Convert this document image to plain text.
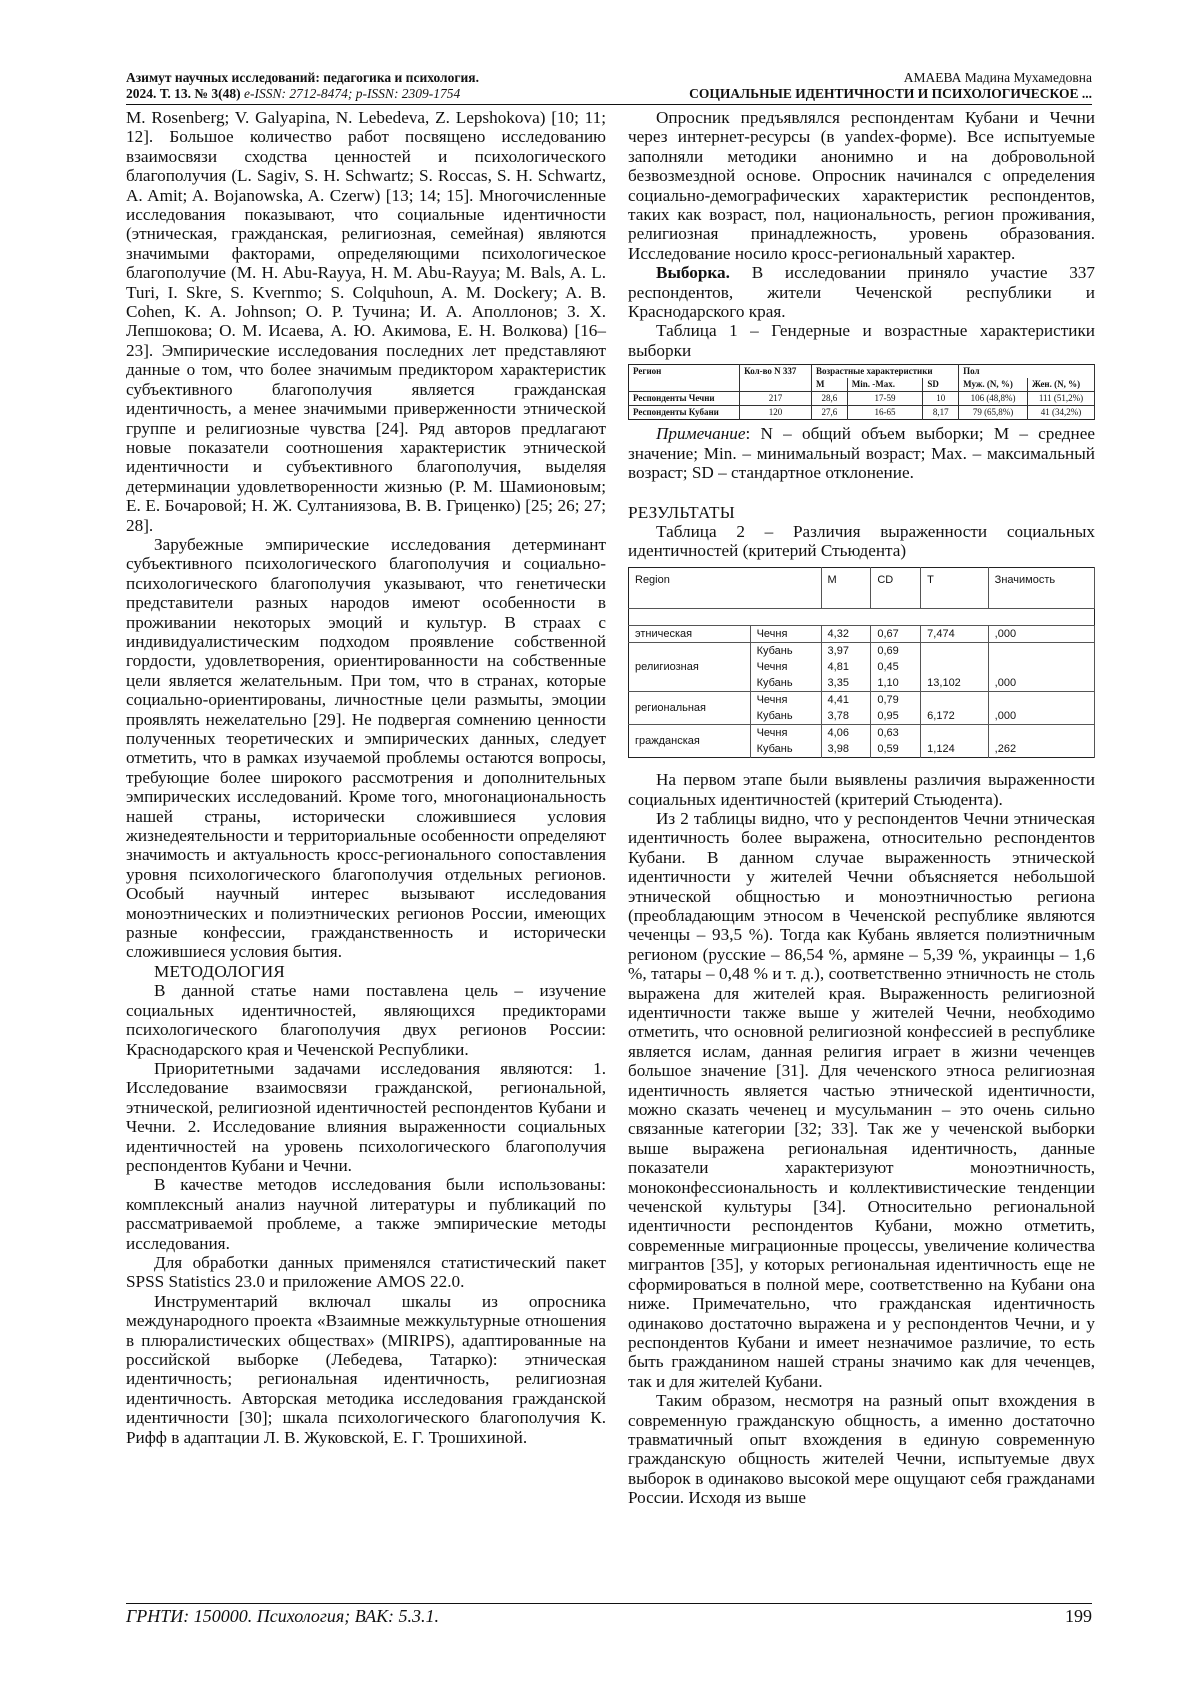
Азимут научных исследований: педагогика и психология.
2024. Т. 13. № 3(48) e-ISSN: 2712-8474; p-ISSN: 2309-1754
АМАЕВА Мадина Мухамедовна
СОЦИАЛЬНЫЕ ИДЕНТИЧНОСТИ И ПСИХОЛОГИЧЕСКОЕ ...

M. Rosenberg; V. Galyapina, N. Lebedeva, Z. Lepshokova) [10; 11; 12]. Большое количество работ посвящено исследованию взаимосвязи сходства ценностей и психологического благополучия (L. Sagiv, S. H. Schwartz; S. Roccas, S. H. Schwartz, A. Amit; A. Bojanowska, A. Czerw) [13; 14; 15]. Многочисленные исследования показывают, что социальные идентичности (этническая, гражданская, религиозная, семейная) являются значимыми факторами, определяющими психологическое благополучие (M. H. Abu-Rayya, H. M. Abu-Rayya; M. Bals, A. L. Turi, I. Skre, S. Kvernmo; S. Colquhoun, A. M. Dockery; A. B. Cohen, K. A. Johnson; О. Р. Тучина; И. А. Аполлонов; З. Х. Лепшокова; О. М. Исаева, А. Ю. Акимова, Е. Н. Волкова) [16–23]. Эмпирические исследования последних лет представляют данные о том, что более значимым предиктором характеристик субъективного благополучия является гражданская идентичность, а менее значимыми приверженности этнической группе и религиозные чувства [24]. Ряд авторов предлагают новые показатели соотношения характеристик этнической идентичности и субъективного благополучия, выделяя детерминации удовлетворенности жизнью (Р. М. Шамионовым; Е. Е. Бочаровой; Н. Ж. Султаниязова, В. В. Гриценко) [25; 26; 27; 28].

Зарубежные эмпирические исследования детерминант субъективного психологического благополучия и социально-психологического благополучия указывают, что генетически представители разных народов имеют особенности в проживании некоторых эмоций и культур. В страах с индивидуалистическим подходом проявление собственной гордости, удовлетворения, ориентированности на собственные цели является желательным. При том, что в странах, которые социально-ориентированы, личностные цели размыты, эмоции проявлять нежелательно [29]. Не подвергая сомнению ценности полученных теоретических и эмпирических данных, следует отметить, что в рамках изучаемой проблемы остаются вопросы, требующие более широкого рассмотрения и дополнительных эмпирических исследований. Кроме того, многонациональность нашей страны, исторически сложившиеся условия жизнедеятельности и территориальные особенности определяют значимость и актуальность кросс-регионального сопоставления уровня психологического благополучия отдельных регионов. Особый научный интерес вызывают исследования моноэтнических и полиэтнических регионов России, имеющих разные конфессии, гражданственность и исторически сложившиеся условия бытия.

МЕТОДОЛОГИЯ

В данной статье нами поставлена цель – изучение социальных идентичностей, являющихся предикторами психологического благополучия двух регионов России: Краснодарского края и Чеченской Республики.

Приоритетными задачами исследования являются: 1. Исследование взаимосвязи гражданской, региональной, этнической, религиозной идентичностей респондентов Кубани и Чечни. 2. Исследование влияния выраженности социальных идентичностей на уровень психологического благополучия респондентов Кубани и Чечни.

В качестве методов исследования были использованы: комплексный анализ научной литературы и публикаций по рассматриваемой проблеме, а также эмпирические методы исследования.

Для обработки данных применялся статистический пакет SPSS Statistics 23.0 и приложение AMOS 22.0.

Инструментарий включал шкалы из опросника международного проекта «Взаимные межкультурные отношения в плюралистических обществах» (MIRIPS), адаптированные на российской выборке (Лебедева, Татарко): этническая идентичность; региональная идентичность, религиозная идентичность. Авторская методика исследования гражданской идентичности [30]; шкала психологического благополучия К. Рифф в адаптации Л. В. Жуковской, Е. Г. Трошихиной.

Опросник предъявлялся респондентам Кубани и Чечни через интернет-ресурсы (в yandex-форме). Все испытуемые заполняли методики анонимно и на добровольной безвозмездной основе. Опросник начинался с определения социально-демографических характеристик респондентов, таких как возраст, пол, национальность, регион проживания, религиозная принадлежность, уровень образования. Исследование носило кросс-региональный характер.

Выборка. В исследовании приняло участие 337 респондентов, жители Чеченской республики и Краснодарского края.

Таблица 1 – Гендерные и возрастные характеристики выборки

Регион	Кол-во N 337	Возрастные характеристики			Пол	
		M	Min. -Max.	SD	Муж. (N, %)	Жен. (N, %)
Респонденты Чечни	217	28,6	17-59	10	106 (48,8%)	111 (51,2%)
Респонденты Кубани	120	27,6	16-65	8,17	79 (65,8%)	41 (34,2%)

Примечание: N – общий объем выборки; M – среднее значение; Min. – минимальный возраст; Max. – максимальный возраст; SD – стандартное отклонение.

РЕЗУЛЬТАТЫ

Таблица 2 – Различия выраженности социальных идентичностей (критерий Стьюдента)

Region		M	CD	T	Значимость

этническая	Чечня	4,32	0,67	7,474	,000
религиозная	Кубань	3,97	0,69		
	Чечня	4,81	0,45		
	Кубань	3,35	1,10	13,102	,000
региональная	Чечня	4,41	0,79		
	Кубань	3,78	0,95	6,172	,000
гражданская	Чечня	4,06	0,63		
	Кубань	3,98	0,59	1,124	,262

На первом этапе были выявлены различия выраженности социальных идентичностей (критерий Стьюдента).

Из 2 таблицы видно, что у респондентов Чечни этническая идентичность более выражена, относительно респондентов Кубани. В данном случае выраженность этнической идентичности у жителей Чечни объясняется небольшой этнической общностью и моноэтничностью региона (преобладающим этносом в Чеченской республике являются чеченцы – 93,5 %). Тогда как Кубань является полиэтничным регионом (русские – 86,54 %, армяне – 5,39 %, украинцы – 1,6 %, татары – 0,48 % и т. д.), соответственно этничность не столь выражена для жителей края. Выраженность религиозной идентичности также выше у жителей Чечни, необходимо отметить, что основной религиозной конфессией в республике является ислам, данная религия играет в жизни чеченцев большое значение [31]. Для чеченского этноса религиозная идентичность является частью этнической идентичности, можно сказать чеченец и мусульманин – это очень сильно связанные категории [32; 33]. Так же у чеченской выборки выше выражена региональная идентичность, данные показатели характеризуют моноэтничность, моноконфессиональность и коллективистические тенденции чеченской культуры [34]. Относительно региональной идентичности респондентов Кубани, можно отметить, современные миграционные процессы, увеличение количества мигрантов [35], у которых региональная идентичность еще не сформироваться в полной мере, соответственно на Кубани она ниже. Примечательно, что гражданская идентичность одинаково достаточно выражена и у респондентов Чечни, и у респондентов Кубани и имеет незначимое различие, то есть быть гражданином нашей страны значимо как для чеченцев, так и для жителей Кубани.

Таким образом, несмотря на разный опыт вхождения в современную гражданскую общность, а именно достаточно травматичный опыт вхождения в единую современную гражданскую общность жителей Чечни, испытуемые двух выборок в одинаково высокой мере ощущают себя гражданами России. Исходя из выше

ГРНТИ: 150000. Психология; ВАК: 5.3.1.	199
